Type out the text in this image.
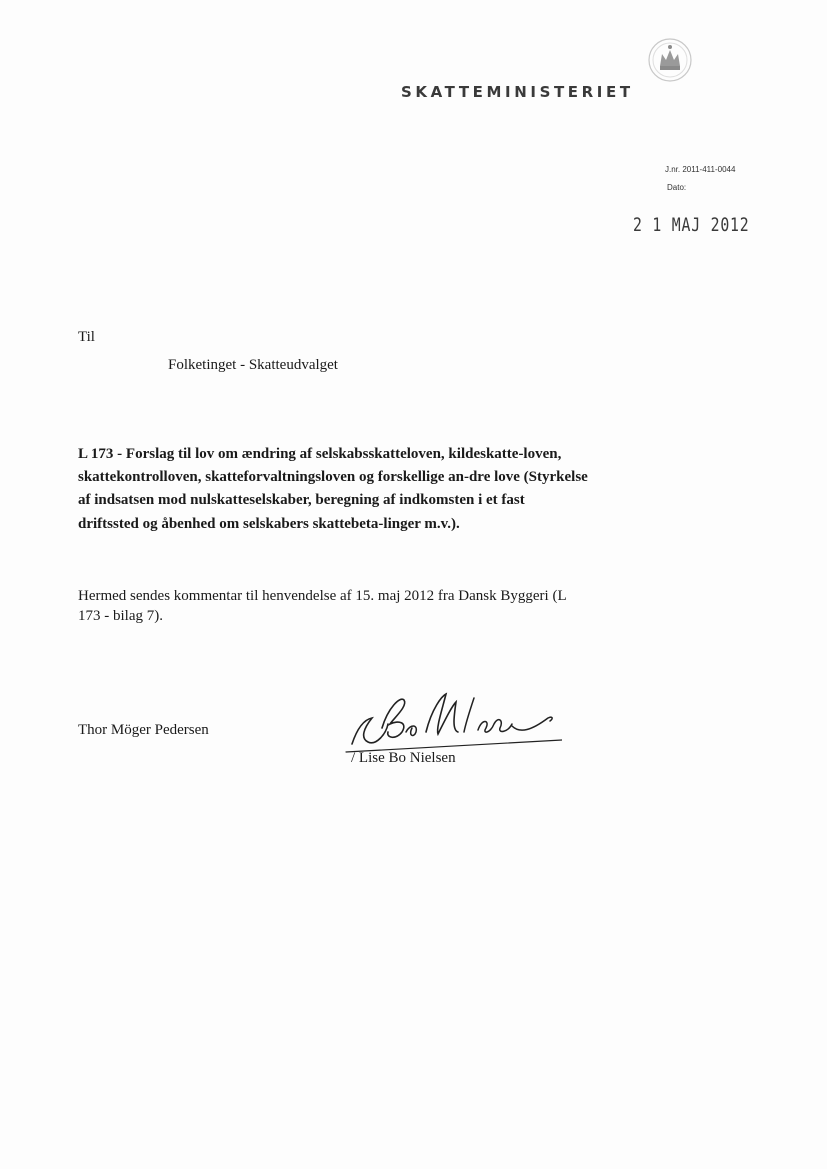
SKATTEMINISTERIET
J.nr. 2011-411-0044
Dato:
2 1 MAJ 2012
Til
Folketinget - Skatteudvalget

L 173 - Forslag til lov om ændring af selskabsskatteloven, kildeskatte-loven, skattekontrolloven, skatteforvaltningsloven og forskellige an-dre love (Styrkelse af indsatsen mod nulskatteselskaber, beregning af indkomsten i et fast driftssted og åbenhed om selskabers skattebeta-linger m.v.).

Hermed sendes kommentar til henvendelse af 15. maj 2012 fra Dansk Byggeri (L 173 - bilag 7).

Thor Möger Pedersen
/ Lise Bo Nielsen
